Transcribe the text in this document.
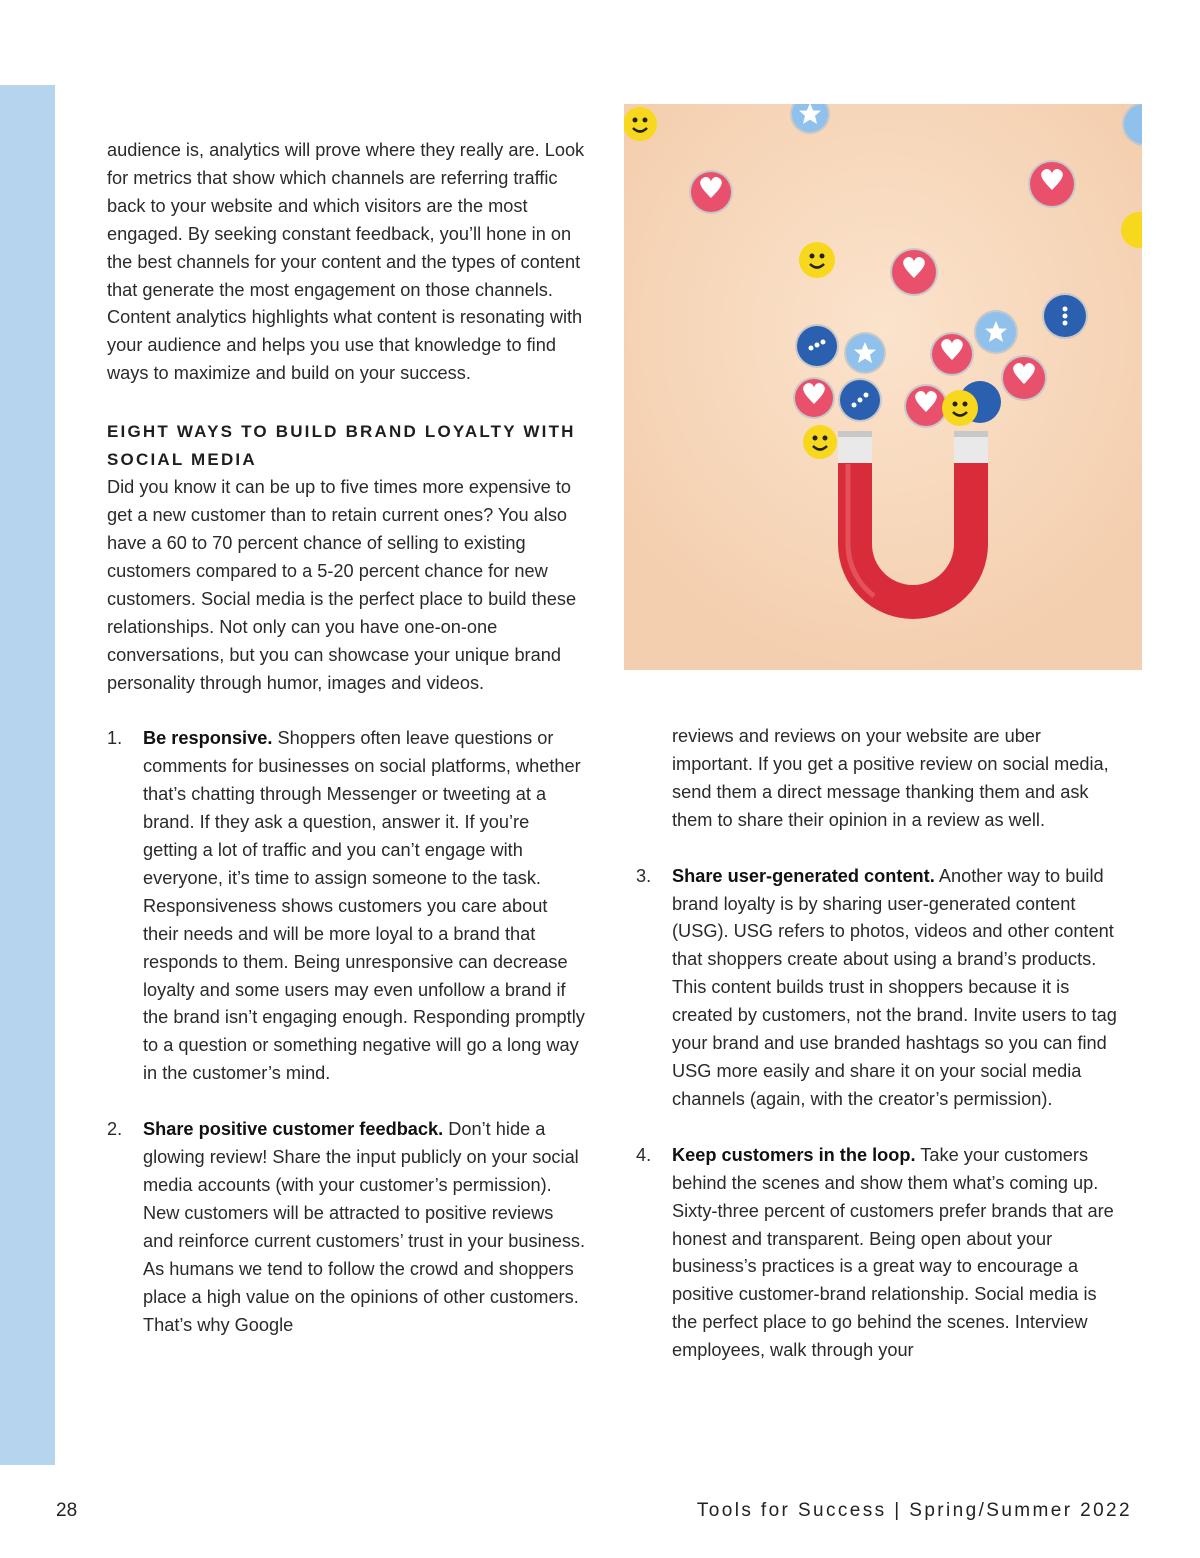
audience is, analytics will prove where they really are. Look for metrics that show which channels are referring traffic back to your website and which visitors are the most engaged. By seeking constant feedback, you’ll hone in on the best channels for your content and the types of content that generate the most engagement on those channels. Content analytics highlights what content is resonating with your audience and helps you use that knowledge to find ways to maximize and build on your success.

EIGHT WAYS TO BUILD BRAND LOYALTY WITH SOCIAL MEDIA

Did you know it can be up to five times more expensive to get a new customer than to retain current ones? You also have a 60 to 70 percent chance of selling to existing customers compared to a 5-20 percent chance for new customers. Social media is the perfect place to build these relationships. Not only can you have one-on-one conversations, but you can showcase your unique brand personality through humor, images and videos.

1.	Be responsive. Shoppers often leave questions or comments for businesses on social platforms, whether that’s chatting through Messenger or tweeting at a brand. If they ask a question, answer it. If you’re getting a lot of traffic and you can’t engage with everyone, it’s time to assign someone to the task. Responsiveness shows customers you care about their needs and will be more loyal to a brand that responds to them. Being unresponsive can decrease loyalty and some users may even unfollow a brand if the brand isn’t engaging enough. Responding promptly to a question or something negative will go a long way in the customer’s mind.
2.	Share positive customer feedback. Don’t hide a glowing review! Share the input publicly on your social media accounts (with your customer’s permission). New customers will be attracted to positive reviews and reinforce current customers’ trust in your business. As humans we tend to follow the crowd and shoppers place a high value on the opinions of other customers. That’s why Google

reviews and reviews on your website are uber important. If you get a positive review on social media, send them a direct message thanking them and ask them to share their opinion in a review as well.

3.	Share user-generated content. Another way to build brand loyalty is by sharing user-generated content (USG). USG refers to photos, videos and other content that shoppers create about using a brand’s products. This content builds trust in shoppers because it is created by customers, not the brand. Invite users to tag your brand and use branded hashtags so you can find USG more easily and share it on your social media channels (again, with the creator’s permission).
4.	Keep customers in the loop. Take your customers behind the scenes and show them what’s coming up. Sixty-three percent of customers prefer brands that are honest and transparent. Being open about your business’s practices is a great way to encourage a positive customer-brand relationship. Social media is the perfect place to go behind the scenes. Interview employees, walk through your
28	Tools for Success | Spring/Summer 2022
